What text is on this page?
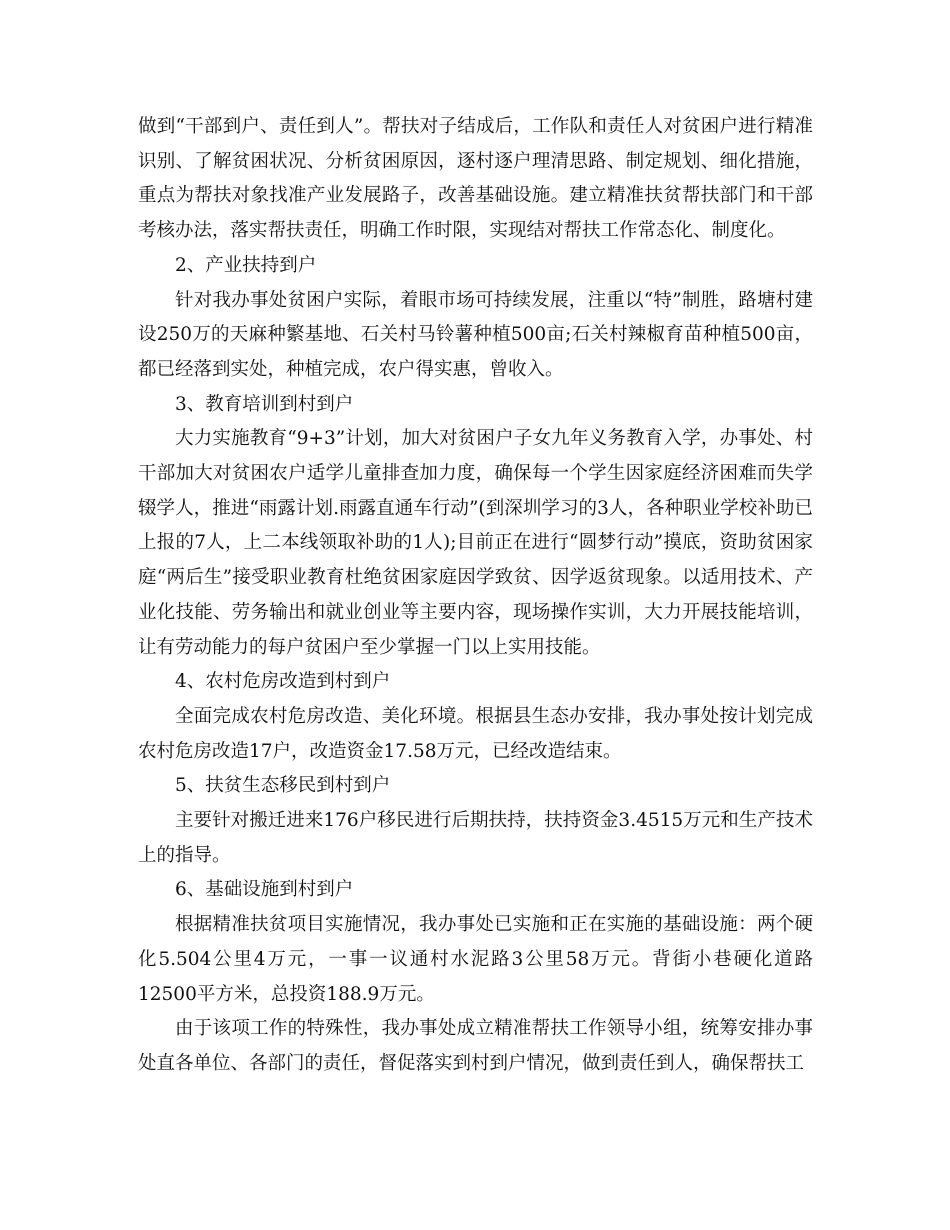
做到“干部到户、责任到人”。帮扶对子结成后，工作队和责任人对贫困户进行精准识别、了解贫困状况、分析贫困原因，逐村逐户理清思路、制定规划、细化措施，重点为帮扶对象找准产业发展路子，改善基础设施。建立精准扶贫帮扶部门和干部考核办法，落实帮扶责任，明确工作时限，实现结对帮扶工作常态化、制度化。

2、产业扶持到户

针对我办事处贫困户实际，着眼市场可持续发展，注重以“特”制胜，路塘村建设250万的天麻种繁基地、石关村马铃薯种植500亩;石关村辣椒育苗种植500亩，都已经落到实处，种植完成，农户得实惠，曾收入。

3、教育培训到村到户

大力实施教育“9+3”计划，加大对贫困户子女九年义务教育入学，办事处、村干部加大对贫困农户适学儿童排查加力度，确保每一个学生因家庭经济困难而失学辍学人，推进“雨露计划.雨露直通车行动”(到深圳学习的3人，各种职业学校补助已上报的7人，上二本线领取补助的1人);目前正在进行“圆梦行动”摸底，资助贫困家庭“两后生”接受职业教育杜绝贫困家庭因学致贫、因学返贫现象。以适用技术、产业化技能、劳务输出和就业创业等主要内容，现场操作实训，大力开展技能培训，让有劳动能力的每户贫困户至少掌握一门以上实用技能。

4、农村危房改造到村到户

全面完成农村危房改造、美化环境。根据县生态办安排，我办事处按计划完成农村危房改造17户，改造资金17.58万元，已经改造结束。

5、扶贫生态移民到村到户

主要针对搬迁进来176户移民进行后期扶持，扶持资金3.4515万元和生产技术上的指导。

6、基础设施到村到户

根据精准扶贫项目实施情况，我办事处已实施和正在实施的基础设施：两个硬化5.504公里4万元，一事一议通村水泥路3公里58万元。背街小巷硬化道路12500平方米，总投资188.9万元。

由于该项工作的特殊性，我办事处成立精准帮扶工作领导小组，统筹安排办事处直各单位、各部门的责任，督促落实到村到户情况，做到责任到人，确保帮扶工
